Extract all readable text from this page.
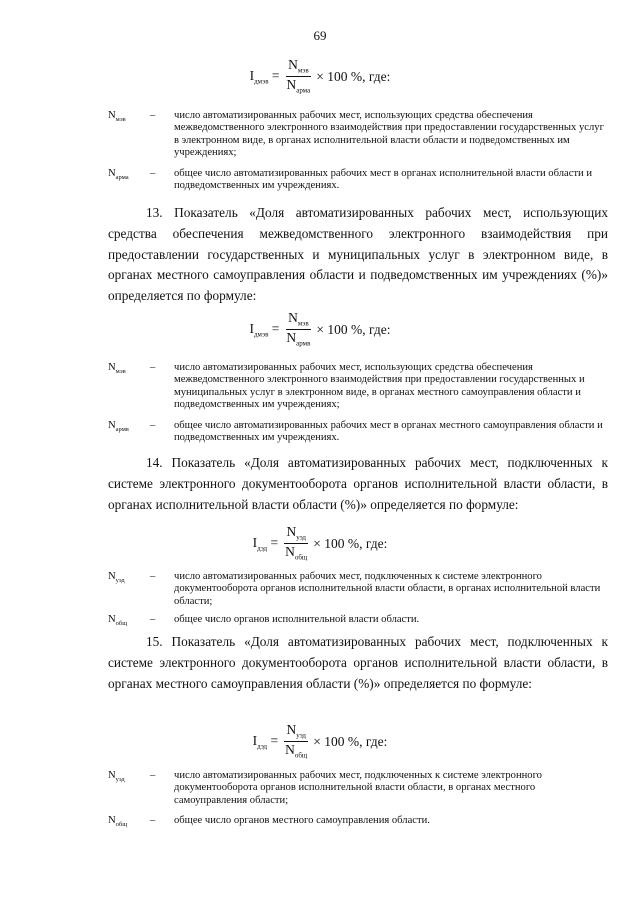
69
$I_{дмэв} = \frac{N_{мэв}}{N_{арма}} \times 100$ %, где:
$N_{мэв}$	–	число автоматизированных рабочих мест, использующих средства обеспечения межведомственного электронного взаимодействия при предоставлении государственных услуг в электронном виде, в органах исполнительной власти области и подведомственных им учреждениях;
$N_{арма}$	–	общее число автоматизированных рабочих мест в органах исполнительной власти области и подведомственных им учреждениях.

13. Показатель «Доля автоматизированных рабочих мест, использующих средства обеспечения межведомственного электронного взаимодействия при предоставлении государственных и муниципальных услуг в электронном виде, в органах местного самоуправления области и подведомственных им учреждениях (%)» определяется по формуле:

$I_{дмэв} = \frac{N_{мэв}}{N_{армв}} \times 100$ %, где:
$N_{мэв}$	–	число автоматизированных рабочих мест, использующих средства обеспечения межведомственного электронного взаимодействия при предоставлении государственных и муниципальных услуг в электронном виде, в органах местного самоуправления области и подведомственных им учреждениях;
$N_{армв}$	–	общее число автоматизированных рабочих мест в органах местного самоуправления области и подведомственных им учреждениях.

14. Показатель «Доля автоматизированных рабочих мест, подключенных к системе электронного документооборота органов исполнительной власти области, в органах исполнительной власти области (%)» определяется по формуле:

$I_{дэд} = \frac{N_{уэд}}{N_{общ}} \times 100$ %, где:
$N_{уэд}$	–	число автоматизированных рабочих мест, подключенных к системе электронного документооборота органов исполнительной власти области, в органах исполнительной власти области;
$N_{общ}$	–	общее число органов исполнительной власти области.

15. Показатель «Доля автоматизированных рабочих мест, подключенных к системе электронного документооборота органов исполнительной власти области, в органах местного самоуправления области (%)» определяется по формуле:

$I_{дэд} = \frac{N_{уэд}}{N_{общ}} \times 100$ %, где:
$N_{уэд}$	–	число автоматизированных рабочих мест, подключенных к системе электронного документооборота органов исполнительной власти области, в органах местного самоуправления области;
$N_{общ}$	–	общее число органов местного самоуправления области.
